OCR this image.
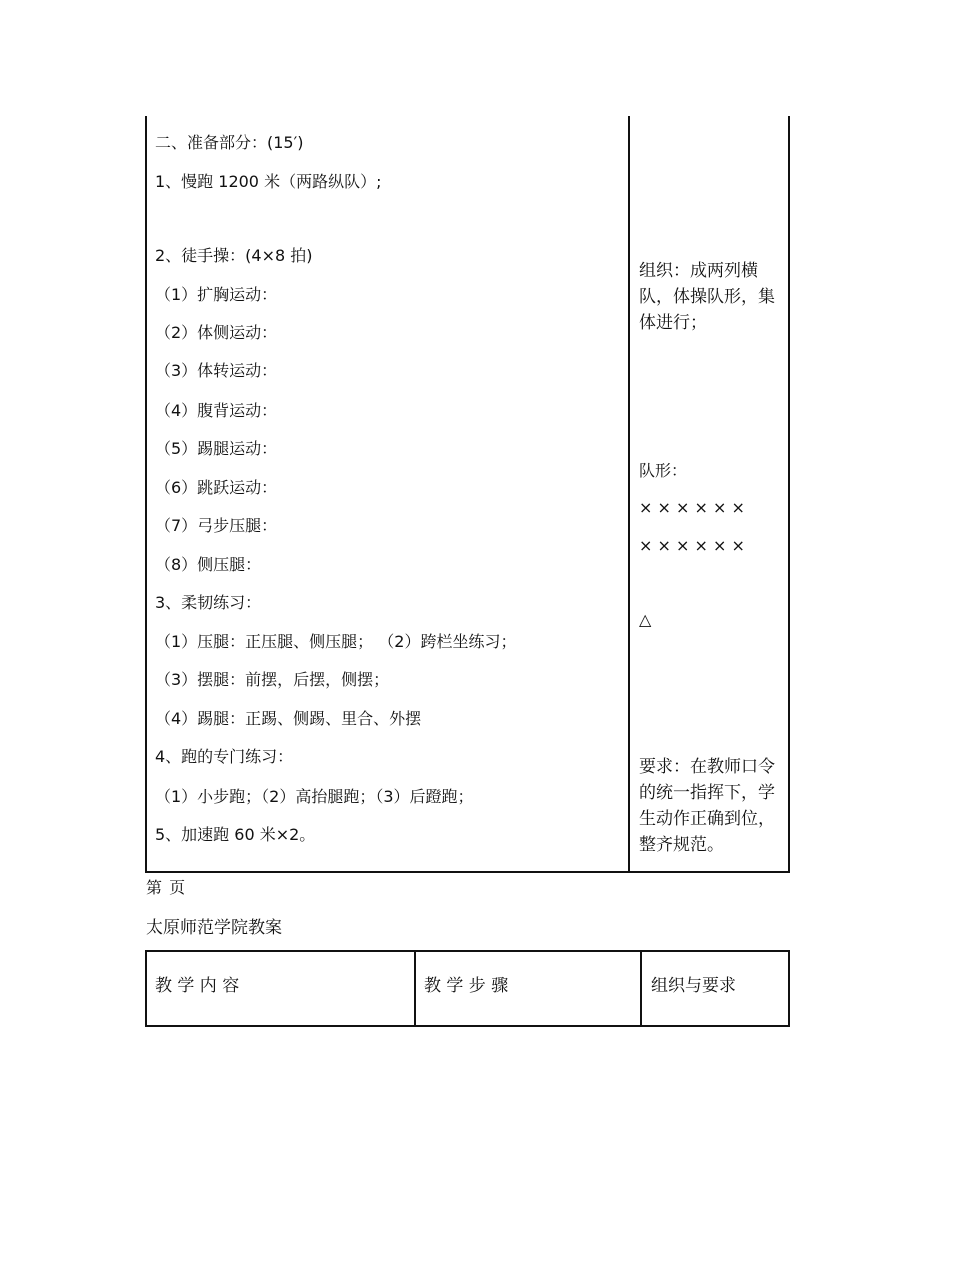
二、准备部分：(15′)
1、慢跑 1200 米（两路纵队）;
2、徒手操：(4×8 拍)
（1）扩胸运动：
（2）体侧运动：
（3）体转运动：
（4）腹背运动：
（5）踢腿运动：
（6）跳跃运动：
（7）弓步压腿：
（8）侧压腿：
3、柔韧练习：
（1）压腿：正压腿、侧压腿； （2）跨栏坐练习；
（3）摆腿：前摆，后摆，侧摆；
（4）踢腿：正踢、侧踢、里合、外摆
4、跑的专门练习：
（1）小步跑；（2）高抬腿跑；（3）后蹬跑；
5、加速跑 60 米×2。
组织：成两列横队，体操队形，集体进行；
队形：
× × × × × ×
× × × × × ×
△
要求：在教师口令的统一指挥下，学生动作正确到位，整齐规范。
第 页
太原师范学院教案
教 学 内 容	教 学 步 骤	组织与要求
